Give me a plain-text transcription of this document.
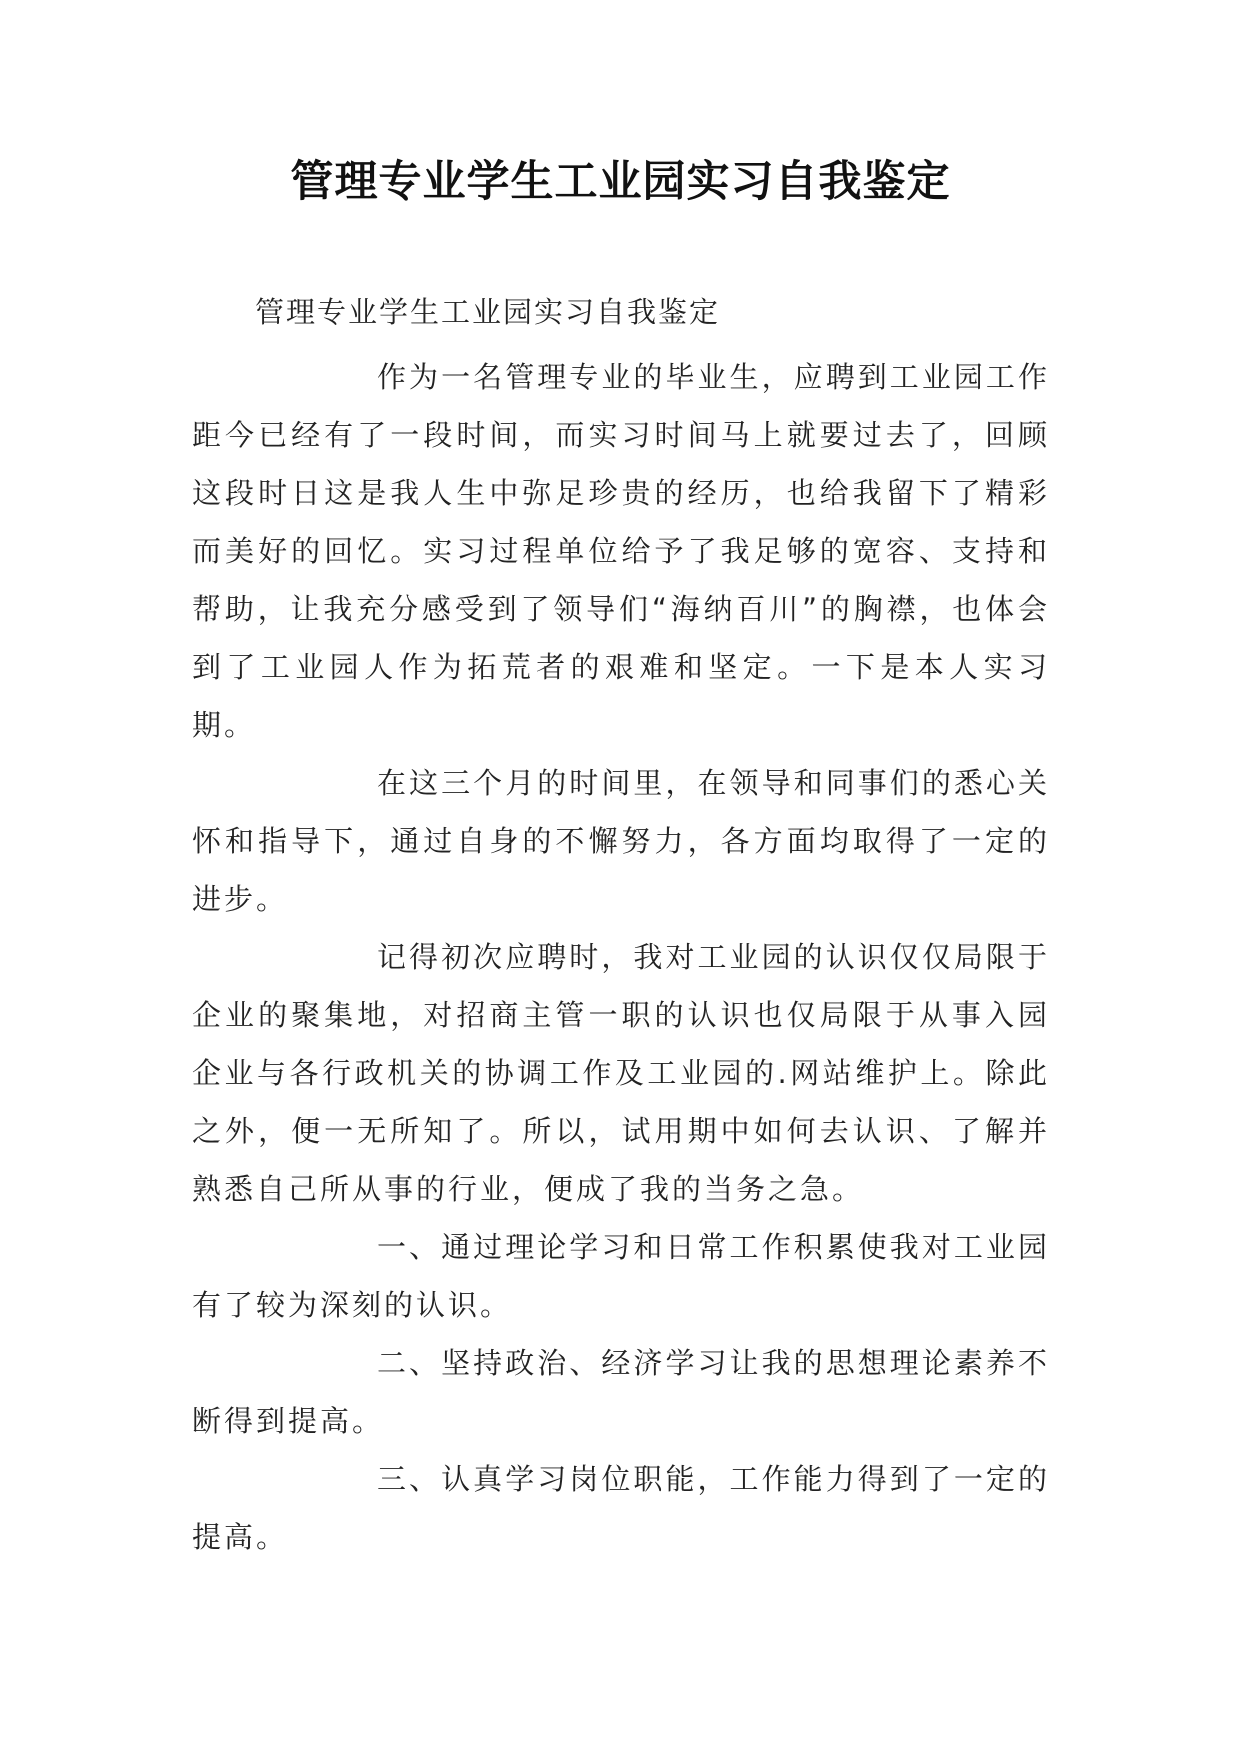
管理专业学生工业园实习自我鉴定
管理专业学生工业园实习自我鉴定

作为一名管理专业的毕业生，应聘到工业园工作距今已经有了一段时间，而实习时间马上就要过去了，回顾这段时日这是我人生中弥足珍贵的经历，也给我留下了精彩而美好的回忆。实习过程单位给予了我足够的宽容、支持和帮助，让我充分感受到了领导们“海纳百川”的胸襟，也体会到了工业园人作为拓荒者的艰难和坚定。一下是本人实习期。

在这三个月的时间里，在领导和同事们的悉心关怀和指导下，通过自身的不懈努力，各方面均取得了一定的进步。

记得初次应聘时，我对工业园的认识仅仅局限于企业的聚集地，对招商主管一职的认识也仅局限于从事入园企业与各行政机关的协调工作及工业园的.网站维护上。除此之外，便一无所知了。所以，试用期中如何去认识、了解并熟悉自己所从事的行业，便成了我的当务之急。

一、通过理论学习和日常工作积累使我对工业园有了较为深刻的认识。

二、坚持政治、经济学习让我的思想理论素养不断得到提高。

三、认真学习岗位职能，工作能力得到了一定的提高。
